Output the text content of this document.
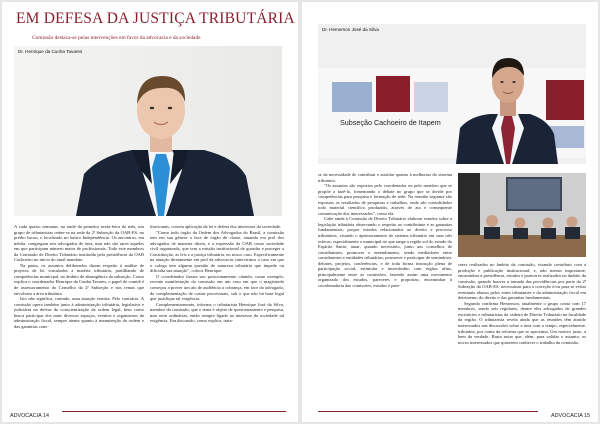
EM DEFESA DA JUSTIÇA TRIBUTÁRIA
Comissão destaca-se pelas intervenções em favor da advocacia e da sociedade
Dr. Henrique da Cunha Tavares

A cada quatro semanas, na tarde da primeira sexta-feira do mês, um grupo de tributaristas reúne-se na sede da 2ª Subseção da OAB-ES, no prédio Iucon, o localizado no bairro Independência. Os encontros, em média, congregam seis advogados de área, mas não são raros aqueles em que participam número maior de profissionais. Todo este membros da Comissão de Direito Tributário instituída pela presidência da OAB Cachoeiro no início do atual mandato.

Na pauta, os assuntos deliberados dizem respeito à análise de projetos de lei vinculados a matéria tributária, partilhando de competências municipal, no âmbito de abrangência da subseção. Como explica o coordenador Henrique da Cunha Tavares, o papel do comitê é de assessoramento do Conselho da 2ª Subseção e nos temas que envolvam a área tributária.

Isto não significa, contudo, uma atuação restrita. Pelo contrário. A comissão opera também junto à administração tributária, legislativa e judiciária na defesa da conscientização da ordem legal, bem como busca participar dos mais diversos espaços, eventos e organismos da administração fiscal, sempre atenta quanto à manutenção da ordem e das garantias cons-

titucionais, correta aplicação da lei e defesa dos interesses da sociedade.

"Como todo órgão da Ordem dos Advogados do Brasil, a comissão tem em sua gênese a face de órgão de classe, atuando em prol dos advogados de maneira direta, e a expressão da OAB como sociedade civil organizada, que tem a missão institucional de guardar e proteger a Constituição, as leis e a justiça tributária, no nosso caso. Especificamente na atuação diretamente em prol da advocacia, intervirmos o caso em que o colega tem alguma questão de natureza tributária que impede ou dificulta sua atuação", coloca Henrique.

O coordenador ilustra seu posicionamento citando, como exemplo, recente manifestação da comissão em um caso em que o magistrado começou a prover um ato de audiência a cobrança, em face do advogado, de complementação de custas processuais, sob o que não há base legal que justifique tal exigência.

Complementarmente, informa o tributarista Henrique José da Silva, membro da comissão, que o tema é objeto de questionamento e pesquisa, mas nem ordinárias, então sempre ligado ao interesse da sociedade tal exigência. Em discussão, como explica, trata-

ADVOCACIA 14
Dr. Hemerson José da Silva
Subseção Cachoeiro de Itapem

se da necessidade de contribuir e auxiliar quanto à melhorias do sistema tributário.

"Os assuntos são expostos pelo coordenador ou pelo membro que se propõe a fazê-lo, fomentando o debate no grupo que se divide por competências para pesquisa e formação de rede. Na reunião seguinte são expostos os resultados de pesquisas e trabalhos, onde são consolidados todo material científico produzido, através de ata e consequente comunicação dos interessados", conta ela.

Cabe ainda à Comissão de Direito Tributário elaborar estudos sobre a legislação tributária observando o respeito ao contribuinte e as garantias fundamentais; propor estudos relacionados ao direito e processo tributários, visando o aprimoramento do sistema tributário em suas três esferas, especialmente o municipal no que tange a região sul do estado do Espírito Santo; atuar, quando necessário, junto aos conselhos de contribuintes; promover o entendimento, sendo mediadores entre contribuintes e entidades tributárias; promover e participar de seminários, debates, projetos, conferências, e de toda forma instrução plena de participação social; estimular e intercâmbio com órgãos afins, principalmente entre as comissões, fazendo assim uma movimento organizado dos estudos, pareceres e propostas; encaminhar à coordenadoria das comissões, estudos e pare-

ceres realizados no âmbito da comissão, visando contribuir com a produção e publicação institucional; e, não menos importante, encaminhar à presidência, estudos e pareceres realizados no âmbito da comissão, quando houver a tomada das providências por parte da 2ª Subseção da OAB-ES, necessárias para a correção e/ou para se evitar eventuais abusos pelos entes tributantes e da administração fiscal em detrimento do direito e das garantias fundamentais.

Segundo confirma Hemerson, atualmente o grupo conta com 17 membros, sendo seis regulares, dentre eles advogados de grandes escritórios e tributaristas da cadeira de Direito Tributário na faculdade da região. O tributarista revela ainda que as reuniões têm atraído interessados nas discussões sobre a área com o tempo, especialmente, tributária, por conta da reforma que se aproxima. Um motivo justo, a bem da verdade. Basta notar que, além, para validar o assunto, os novos interessados que quiserem conhecer o trabalho da comissão.

ADVOCACIA 15
